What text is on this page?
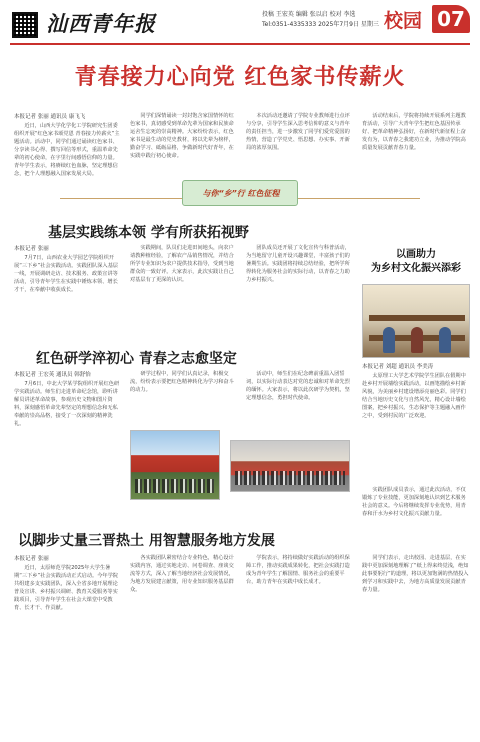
汕西青年报	投稿 王宏英 编辑 张以启 校对 李选
Tel:0351-4335333 2025年7月9日 星期三 校园 07
青春接力心向党 红色家书传薪火
本报记者 张丽 通讯员 康飞飞

近日，山西大学化学化工学院研究生团委组织开展“红色家书颂党恩 青春接力传薪火”主题活动。活动中，同学们通过诵读红色家书、分享读书心得、撰写回信等形式，重温革命先辈的初心使命，在字里行间感悟信仰的力量。青年学生表示，将赓续红色血脉，坚定理想信念，把个人理想融入国家发展大局。

同学们深情诵读一封封饱含家国情怀的红色家书，真切感受到革命先辈为国家和民族命运舍生忘死的崇高精神。大家纷纷表示，红色家书是最生动的党史教材，将以先辈为榜样，勤奋学习、砥砺品格，争做新时代好青年，在实践中践行初心使命。

本次活动还邀请了学院专业教师进行点评与分享，引导学生深入思考信仰的意义与青年的责任担当，进一步激发了同学们爱党爱国的热情，营造了学党史、悟思想、办实事、开新局的浓厚氛围。

活动结束后，学院将持续开展系列主题教育活动，引导广大青年学生把红色基因传承好、把革命精神弘扬好，在新时代新征程上奋发有为，以青春之我建功立业，为推动学院高质量发展贡献青春力量。

与你“乡”行 红色征程
基层实践练本领 学有所获拓视野
本报记者 张丽

7月7日，山西农业大学园艺学院组织开展“三下乡”社会实践活动。实践团队深入基层一线，开展调研走访、技术服务、政策宣讲等活动，引导青年学生在实践中锤炼本领、增长才干，在奉献中收获成长。

实践期间，队员们走进田间地头，向农户请教种植经验，了解农产品销售情况，并结合所学专业知识为农户提供技术指导，受到当地群众的一致好评。大家表示，此次实践让自己对基层有了更深的认识。

团队成员还开展了文化宣传与科普活动，为当地留守儿童开设兴趣课堂，丰富孩子们的暑期生活。实践团将持续总结经验，把所学所得转化为服务社会的实际行动，以青春之力助力乡村振兴。

红色研学淬初心 青春之志愈坚定
本报记者 王宏英 通讯员 韩舒怡

7月6日，中北大学某学院组织开展红色研学实践活动。师生们走进革命纪念馆，聆听讲解员讲述革命故事，参观历史文物和图片资料，深刻感悟革命先辈坚定的理想信念和无私奉献的崇高品格，接受了一次深刻的精神洗礼。

研学过程中，同学们认真记录，积极交流，纷纷表示要把红色精神转化为学习和奋斗的动力。

活动中，师生们在纪念碑前重温入团誓词，以实际行动表达对党的忠诚和对革命先烈的缅怀。大家表示，将以此次研学为契机，坚定理想信念，勇担时代使命。

以脚步丈量三晋热土 用智慧服务地方发展
本报记者 张丽

近日，太原师范学院2025年大学生暑期“三下乡”社会实践活动正式启动。今年学院共组建多支实践团队，深入全省多地开展理论普及宣讲、乡村振兴调研、教育关爱服务等实践项目，引导青年学生在社会大课堂中受教育、长才干、作贡献。

各实践团队紧密结合专业特色，精心设计实践内容，通过实地走访、问卷调查、座谈交流等方式，深入了解当地经济社会发展情况，为地方发展建言献策，用专业知识服务基层群众。

学院表示，将持续做好实践活动的组织保障工作，推动实践成果转化，把社会实践打造成为青年学生了解国情、服务社会的重要平台，助力青年在实践中成长成才。

同学们表示，走出校园、走进基层，在实践中更加深刻地理解了“纸上得来终觉浅，绝知此事要躬行”的道理，将以更加饱满的热情投入到学习和实践中去，为地方高质量发展贡献青春力量。

以画助力
为乡村文化振兴添彩
本报记者 刘超 通讯员 李美涛

太原理工大学艺术学院学生团队在假期中赴乡村开展墙绘实践活动，以画笔描绘乡村新风貌，为美丽乡村建设增添亮丽色彩。同学们结合当地历史文化与自然风光，精心设计墙绘图案，把乡村振兴、生态保护等主题融入画作之中，受到村民的广泛欢迎。

实践团队成员表示，通过此次活动，不仅锻炼了专业技能，更加深刻地认识到艺术服务社会的意义。今后将继续发挥专业优势，用青春和汗水为乡村文化振兴贡献力量。
